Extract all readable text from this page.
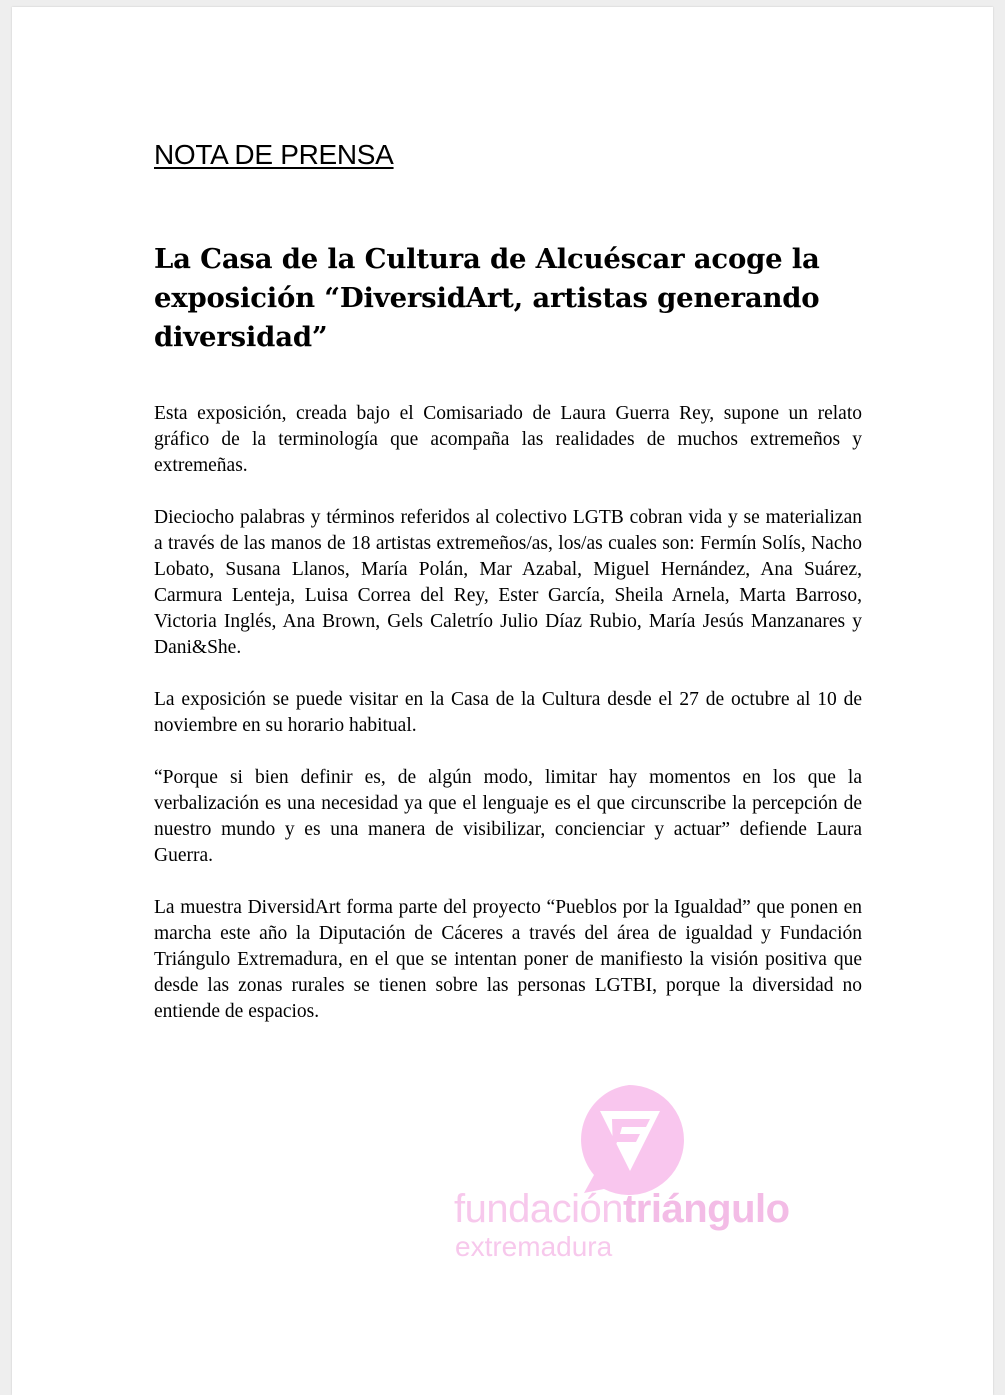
NOTA DE PRENSA
La Casa de la Cultura de Alcuéscar acoge la exposición “DiversidArt, artistas generando diversidad”

Esta exposición, creada bajo el Comisariado de Laura Guerra Rey, supone un relato gráfico de la terminología que acompaña las realidades de muchos extremeños y extremeñas.

Dieciocho palabras y términos referidos al colectivo LGTB cobran vida y se materializan a través de las manos de 18 artistas extremeños/as, los/as cuales son: Fermín Solís, Nacho Lobato, Susana Llanos, María Polán, Mar Azabal, Miguel Hernández, Ana Suárez, Carmura Lenteja, Luisa Correa del Rey, Ester García, Sheila Arnela, Marta Barroso, Victoria Inglés, Ana Brown, Gels Caletrío Julio Díaz Rubio, María Jesús Manzanares y Dani&She.

La exposición se puede visitar en la Casa de la Cultura desde el 27 de octubre al 10 de noviembre en su horario habitual.

“Porque si bien definir es, de algún modo, limitar hay momentos en los que la verbalización es una necesidad ya que el lenguaje es el que circunscribe la percepción de nuestro mundo y es una manera de visibilizar, concienciar y actuar” defiende Laura Guerra.

La muestra DiversidArt forma parte del proyecto “Pueblos por la Igualdad” que ponen en marcha este año la Diputación de Cáceres a través del área de igualdad y Fundación Triángulo Extremadura, en el que se intentan poner de manifiesto la visión positiva que desde las zonas rurales se tienen sobre las personas LGTBI, porque la diversidad no entiende de espacios.

fundacióntriángulo
extremadura
